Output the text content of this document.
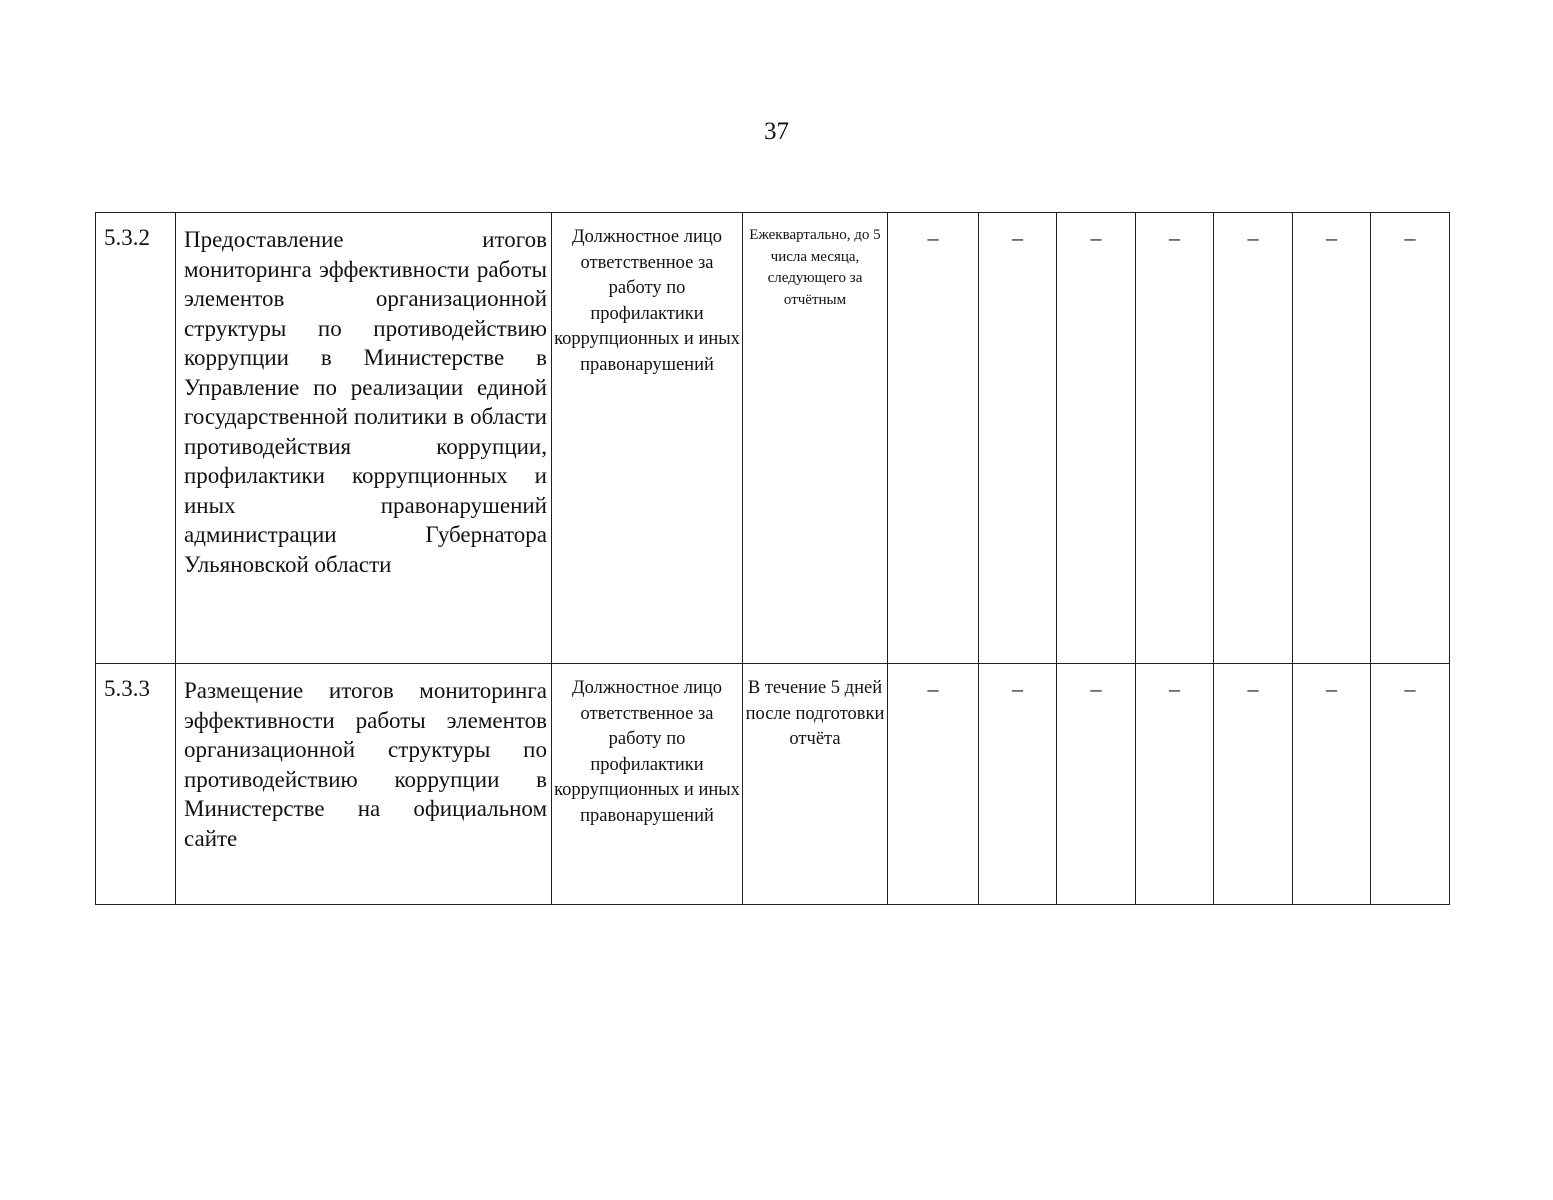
37
5.3.2	Предоставление итогов мониторинга эффективности работы элементов организационной структуры по противодействию коррупции в Министерстве в Управление по реализации единой государственной политики в области противодействия коррупции, профилактики коррупционных и иных правонарушений администрации Губернатора Ульяновской области	Должностное лицо ответственное за работу по профилактики коррупционных и иных правонарушений	Ежеквартально, до 5 числа месяца, следующего за отчётным	–	–	–	–	–	–	–
5.3.3	Размещение итогов мониторинга эффективности работы элементов организационной структуры по противодействию коррупции в Министерстве на официальном сайте	Должностное лицо ответственное за работу по профилактики коррупционных и иных правонарушений	В течение 5 дней после подготовки отчёта	–	–	–	–	–	–	–
